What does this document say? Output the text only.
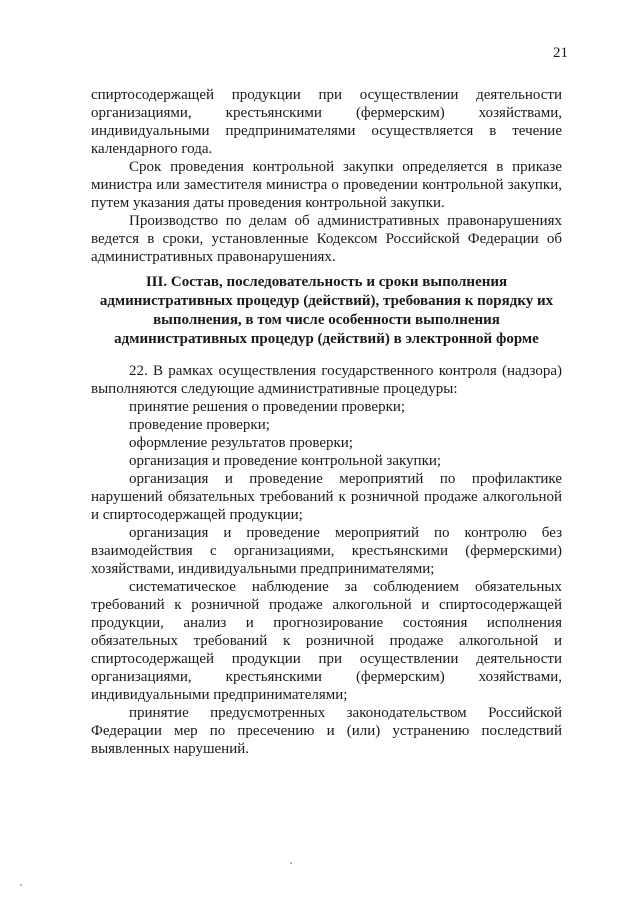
21

спиртосодержащей продукции при осуществлении деятельности организациями, крестьянскими (фермерским) хозяйствами, индивидуальными предпринимателями осуществляется в течение календарного года.

Срок проведения контрольной закупки определяется в приказе министра или заместителя министра о проведении контрольной закупки, путем указания даты проведения контрольной закупки.

Производство по делам об административных правонарушениях ведется в сроки, установленные Кодексом Российской Федерации об административных правонарушениях.

III. Состав, последовательность и сроки выполнения
административных процедур (действий), требования к порядку их
выполнения, в том числе особенности выполнения
административных процедур (действий) в электронной форме

22. В рамках осуществления государственного контроля (надзора) выполняются следующие административные процедуры:

принятие решения о проведении проверки;

проведение проверки;

оформление результатов проверки;

организация и проведение контрольной закупки;

организация и проведение мероприятий по профилактике нарушений обязательных требований к розничной продаже алкогольной и спиртосодержащей продукции;

организация и проведение мероприятий по контролю без взаимодействия с организациями, крестьянскими (фермерскими) хозяйствами, индивидуальными предпринимателями;

систематическое наблюдение за соблюдением обязательных требований к розничной продаже алкогольной и спиртосодержащей продукции, анализ и прогнозирование состояния исполнения обязательных требований к розничной продаже алкогольной и спиртосодержащей продукции при осуществлении деятельности организациями, крестьянскими (фермерским) хозяйствами, индивидуальными предпринимателями;

принятие предусмотренных законодательством Российской Федерации мер по пресечению и (или) устранению последствий выявленных нарушений.
